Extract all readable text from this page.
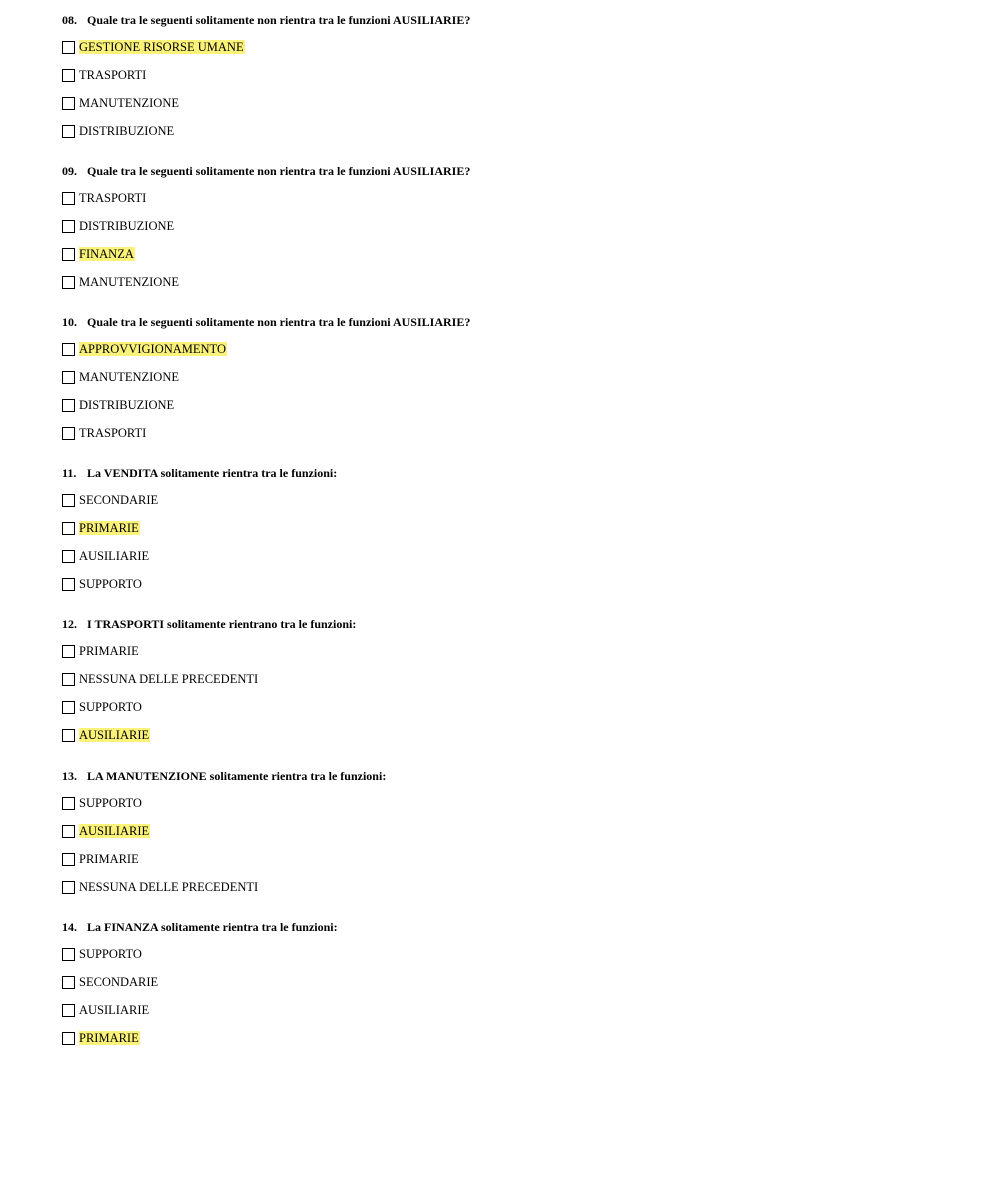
08. Quale tra le seguenti solitamente non rientra tra le funzioni AUSILIARIE?
GESTIONE RISORSE UMANE
TRASPORTI
MANUTENZIONE
DISTRIBUZIONE
09. Quale tra le seguenti solitamente non rientra tra le funzioni AUSILIARIE?
TRASPORTI
DISTRIBUZIONE
FINANZA
MANUTENZIONE
10. Quale tra le seguenti solitamente non rientra tra le funzioni AUSILIARIE?
APPROVVIGIONAMENTO
MANUTENZIONE
DISTRIBUZIONE
TRASPORTI
11. La VENDITA solitamente rientra tra le funzioni:
SECONDARIE
PRIMARIE
AUSILIARIE
SUPPORTO
12. I TRASPORTI solitamente rientrano tra le funzioni:
PRIMARIE
NESSUNA DELLE PRECEDENTI
SUPPORTO
AUSILIARIE
13. LA MANUTENZIONE solitamente rientra tra le funzioni:
SUPPORTO
AUSILIARIE
PRIMARIE
NESSUNA DELLE PRECEDENTI
14. La FINANZA solitamente rientra tra le funzioni:
SUPPORTO
SECONDARIE
AUSILIARIE
PRIMARIE
